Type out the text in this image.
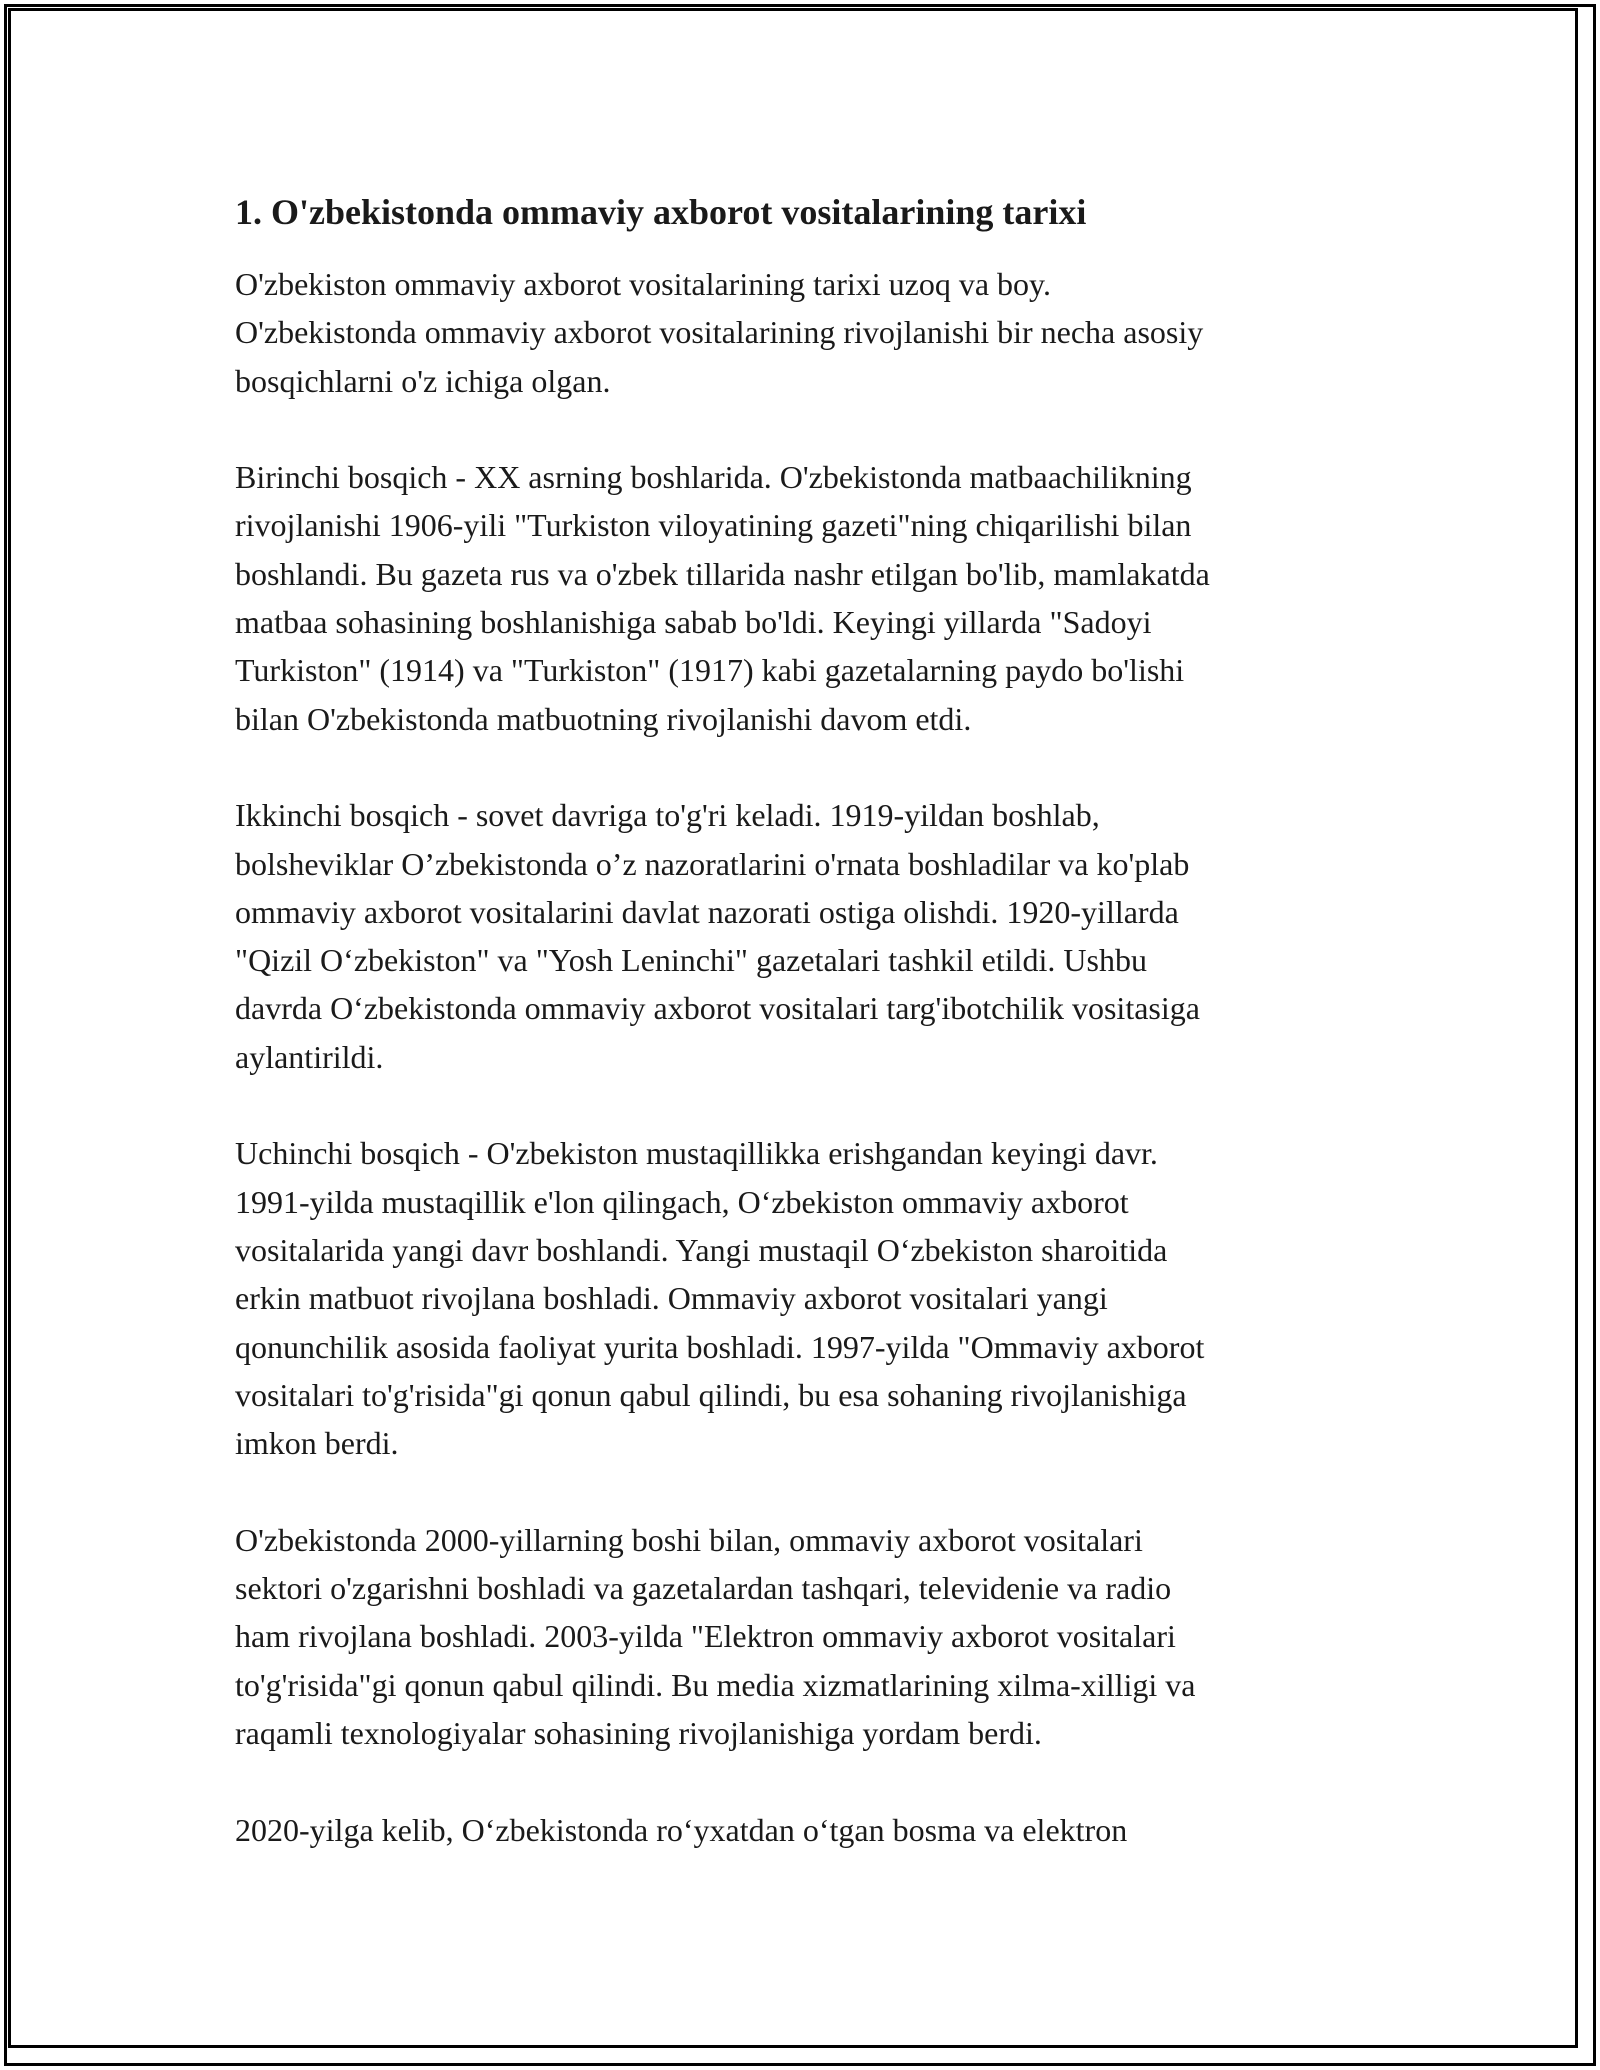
1. O'zbekistonda ommaviy axborot vositalarining tarixi

O'zbekiston ommaviy axborot vositalarining tarixi uzoq va boy.
O'zbekistonda ommaviy axborot vositalarining rivojlanishi bir necha asosiy
bosqichlarni o'z ichiga olgan.

Birinchi bosqich - XX asrning boshlarida. O'zbekistonda matbaachilikning
rivojlanishi 1906-yili "Turkiston viloyatining gazeti"ning chiqarilishi bilan
boshlandi. Bu gazeta rus va o'zbek tillarida nashr etilgan bo'lib, mamlakatda
matbaa sohasining boshlanishiga sabab bo'ldi. Keyingi yillarda "Sadoyi
Turkiston" (1914) va "Turkiston" (1917) kabi gazetalarning paydo bo'lishi
bilan O'zbekistonda matbuotning rivojlanishi davom etdi.

Ikkinchi bosqich - sovet davriga to'g'ri keladi. 1919-yildan boshlab,
bolsheviklar O’zbekistonda o’z nazoratlarini o'rnata boshladilar va ko'plab
ommaviy axborot vositalarini davlat nazorati ostiga olishdi. 1920-yillarda
"Qizil O‘zbekiston" va "Yosh Leninchi" gazetalari tashkil etildi. Ushbu
davrda O‘zbekistonda ommaviy axborot vositalari targ'ibotchilik vositasiga
aylantirildi.

Uchinchi bosqich - O'zbekiston mustaqillikka erishgandan keyingi davr.
1991-yilda mustaqillik e'lon qilingach, O‘zbekiston ommaviy axborot
vositalarida yangi davr boshlandi. Yangi mustaqil O‘zbekiston sharoitida
erkin matbuot rivojlana boshladi. Ommaviy axborot vositalari yangi
qonunchilik asosida faoliyat yurita boshladi. 1997-yilda "Ommaviy axborot
vositalari to'g'risida"gi qonun qabul qilindi, bu esa sohaning rivojlanishiga
imkon berdi.

O'zbekistonda 2000-yillarning boshi bilan, ommaviy axborot vositalari
sektori o'zgarishni boshladi va gazetalardan tashqari, televidenie va radio
ham rivojlana boshladi. 2003-yilda "Elektron ommaviy axborot vositalari
to'g'risida"gi qonun qabul qilindi. Bu media xizmatlarining xilma-xilligi va
raqamli texnologiyalar sohasining rivojlanishiga yordam berdi.

2020-yilga kelib, O‘zbekistonda ro‘yxatdan o‘tgan bosma va elektron
